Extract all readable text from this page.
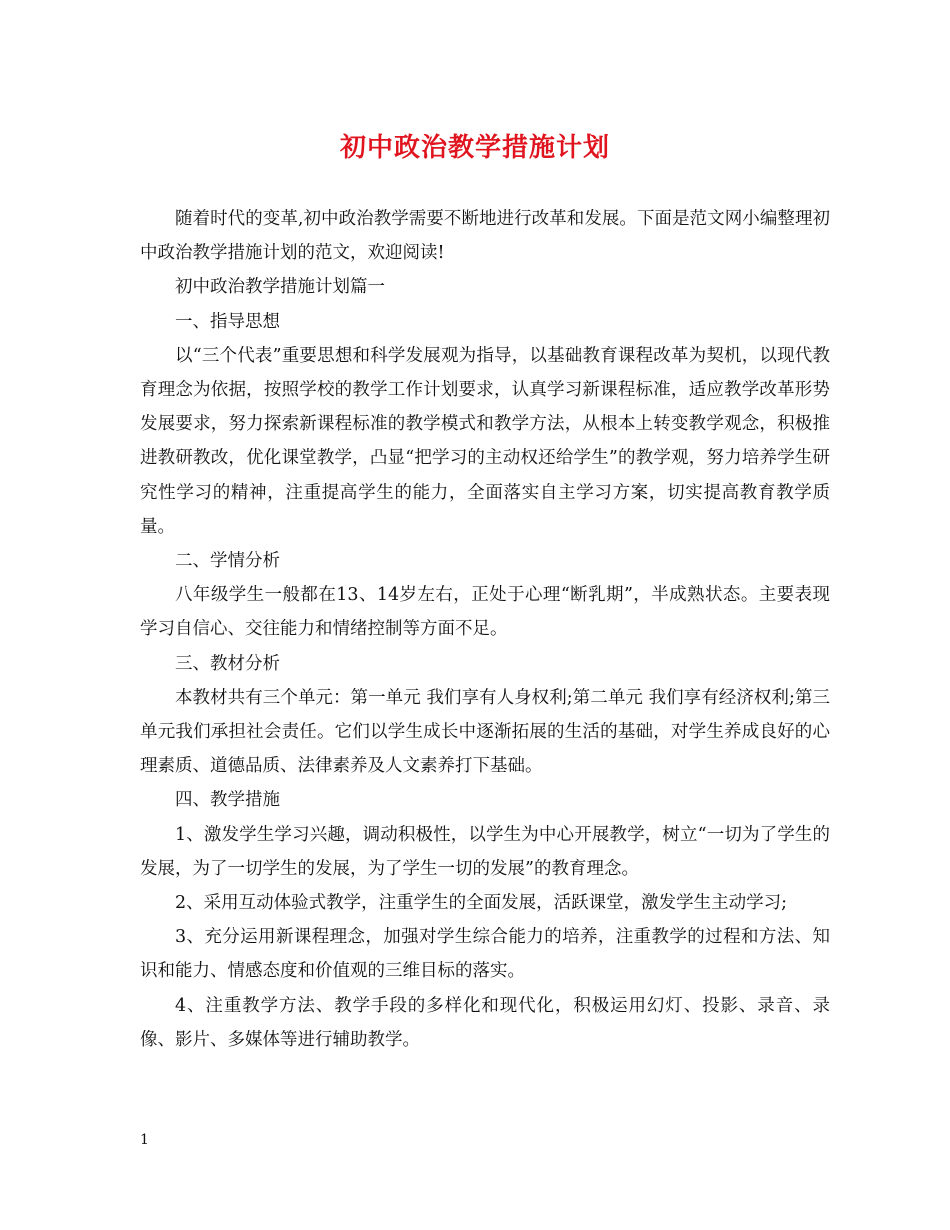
初中政治教学措施计划

随着时代的变革,初中政治教学需要不断地进行改革和发展。下面是范文网小编整理初中政治教学措施计划的范文，欢迎阅读!

初中政治教学措施计划篇一

一、指导思想

以“三个代表”重要思想和科学发展观为指导，以基础教育课程改革为契机，以现代教育理念为依据，按照学校的教学工作计划要求，认真学习新课程标准，适应教学改革形势发展要求，努力探索新课程标准的教学模式和教学方法，从根本上转变教学观念，积极推进教研教改，优化课堂教学，凸显“把学习的主动权还给学生”的教学观，努力培养学生研究性学习的精神，注重提高学生的能力，全面落实自主学习方案，切实提高教育教学质量。

二、学情分析

八年级学生一般都在13、14岁左右，正处于心理“断乳期”，半成熟状态。主要表现学习自信心、交往能力和情绪控制等方面不足。

三、教材分析

本教材共有三个单元：第一单元 我们享有人身权利;第二单元 我们享有经济权利;第三单元我们承担社会责任。它们以学生成长中逐渐拓展的生活的基础，对学生养成良好的心理素质、道德品质、法律素养及人文素养打下基础。

四、教学措施

1、激发学生学习兴趣，调动积极性，以学生为中心开展教学，树立“一切为了学生的发展，为了一切学生的发展，为了学生一切的发展”的教育理念。

2、采用互动体验式教学，注重学生的全面发展，活跃课堂，激发学生主动学习;

3、充分运用新课程理念，加强对学生综合能力的培养，注重教学的过程和方法、知识和能力、情感态度和价值观的三维目标的落实。

4、注重教学方法、教学手段的多样化和现代化，积极运用幻灯、投影、录音、录像、影片、多媒体等进行辅助教学。

1
